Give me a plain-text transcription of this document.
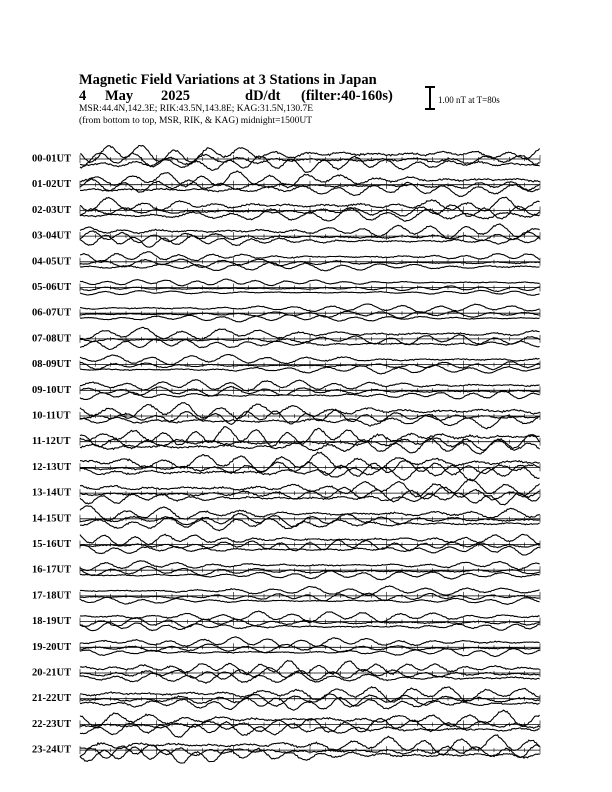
Magnetic Field Variations at 3 Stations in Japan
4 May 2025	dD/dt (filter:40-160s)
MSR:44.4N,142.3E; RIK:43.5N,143.8E; KAG:31.5N,130.7E
(from bottom to top, MSR, RIK, & KAG) midnight=1500UT
1.00 nT at T=80s
00-01UT
01-02UT
02-03UT
03-04UT
04-05UT
05-06UT
06-07UT
07-08UT
08-09UT
09-10UT
10-11UT
11-12UT
12-13UT
13-14UT
14-15UT
15-16UT
16-17UT
17-18UT
18-19UT
19-20UT
20-21UT
21-22UT
22-23UT
23-24UT
